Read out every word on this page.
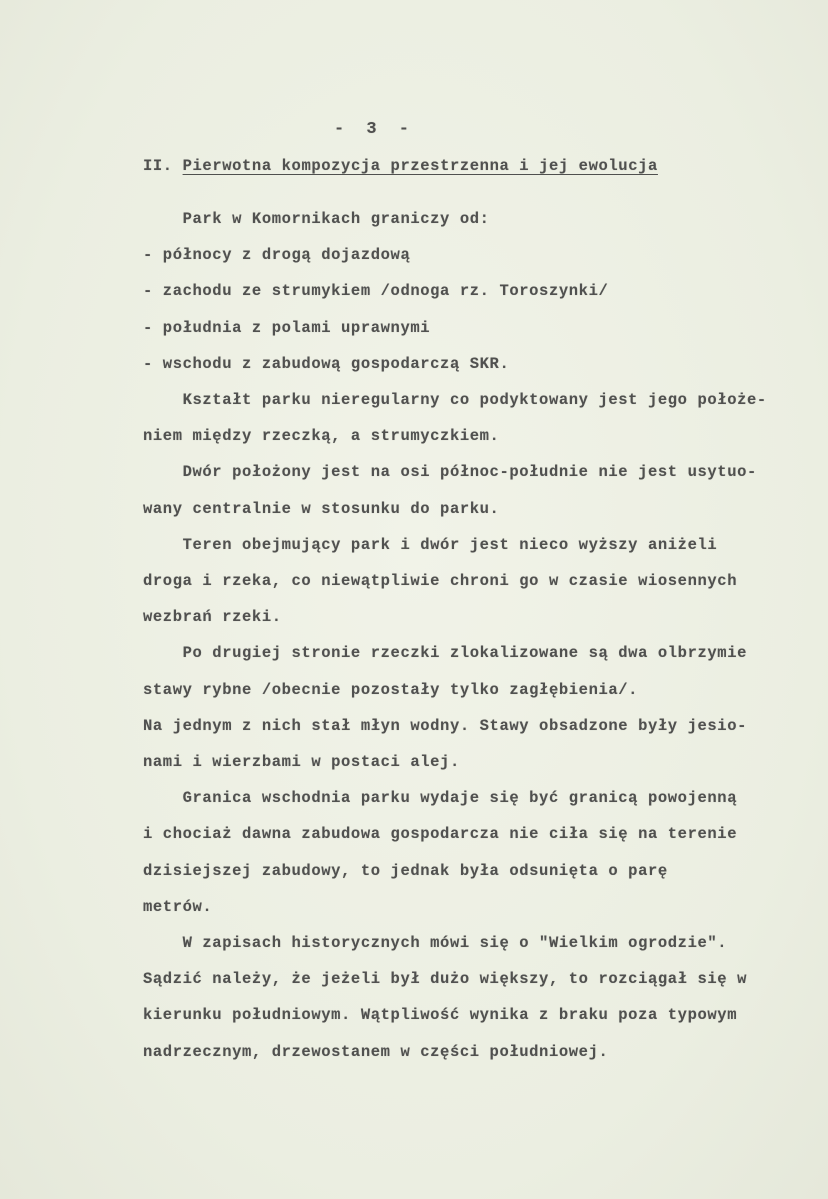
-  3  -
II. Pierwotna kompozycja przestrzenna i jej ewolucja
Park w Komornikach graniczy od:
- północy z drogą dojazdową
- zachodu ze strumykiem /odnoga rz. Toroszynki/
- południa z polami uprawnymi
- wschodu z zabudową gospodarczą SKR.
Kształt parku nieregularny co podyktowany jest jego położe-
niem między rzeczką, a strumyczkiem.
Dwór położony jest na osi północ-południe nie jest usytuo-
wany centralnie w stosunku do parku.
Teren obejmujący park i dwór jest nieco wyższy aniżeli
droga i rzeka, co niewątpliwie chroni go w czasie wiosennych
wezbrań rzeki.
Po drugiej stronie rzeczki zlokalizowane są dwa olbrzymie
stawy rybne /obecnie pozostały tylko zagłębienia/.
Na jednym z nich stał młyn wodny. Stawy obsadzone były jesio-
nami i wierzbami w postaci alej.
Granica wschodnia parku wydaje się być granicą powojenną
i chociaż dawna zabudowa gospodarcza nie ciła się na terenie
dzisiejszej zabudowy, to jednak była odsunięta o parę
metrów.
W zapisach historycznych mówi się o "Wielkim ogrodzie".
Sądzić należy, że jeżeli był dużo większy, to rozciągał się w
kierunku południowym. Wątpliwość wynika z braku poza typowym
nadrzecznym, drzewostanem w części południowej.
